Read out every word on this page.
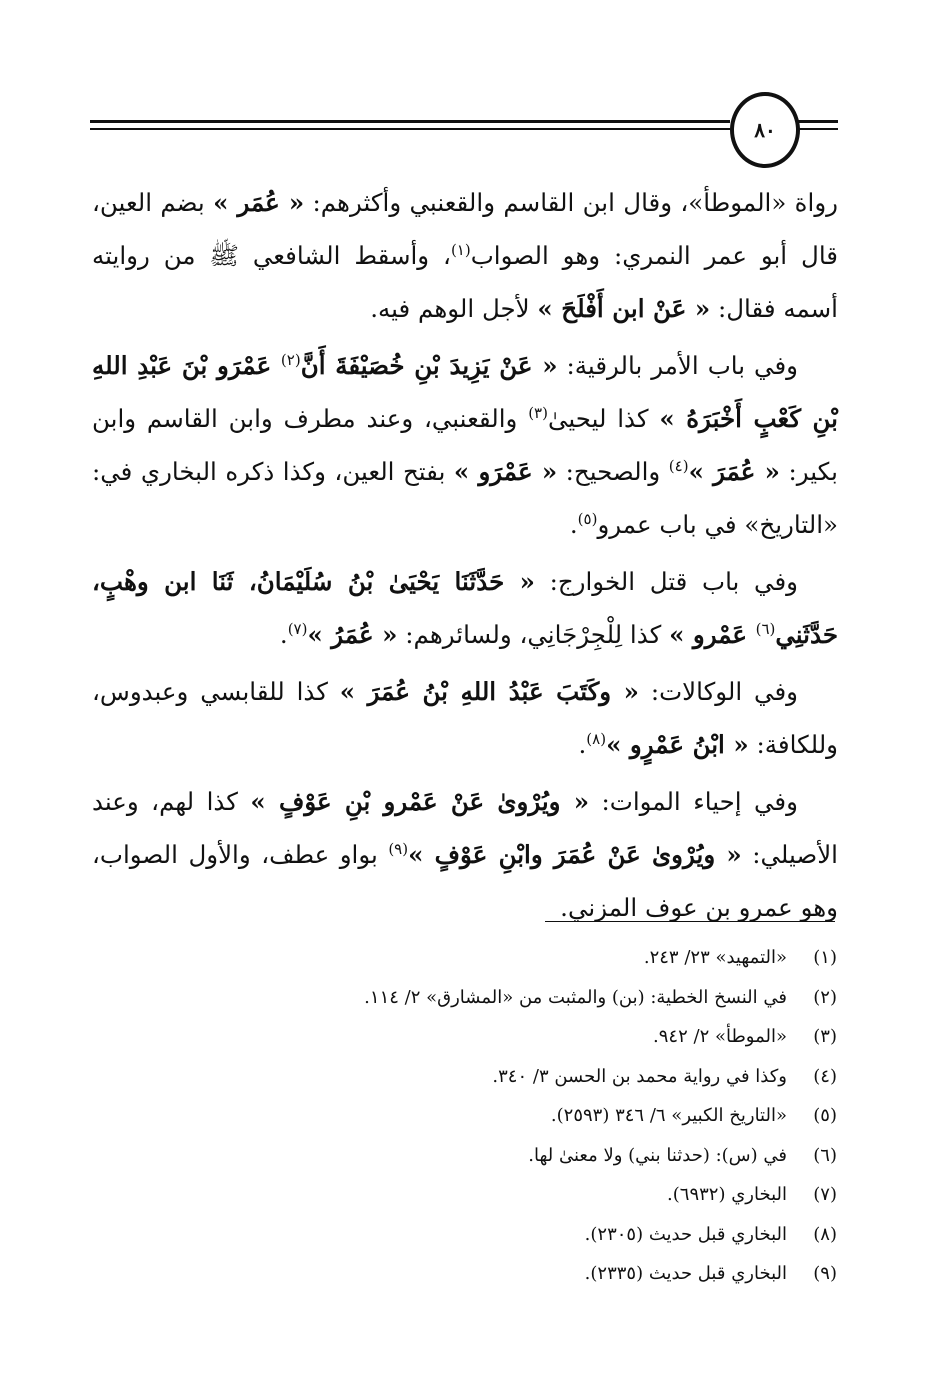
٨٠

رواة «الموطأ»، وقال ابن القاسم والقعنبي وأكثرهم: « عُمَر » بضم العين، قال أبو عمر النمري: وهو الصواب$^{(١)}$، وأسقط الشافعي ﷺ من روايته أسمه فقال: « عَنْ ابن أَفْلَحَ » لأجل الوهم فيه.

وفي باب الأمر بالرقية: « عَنْ يَزِيدَ بْنِ خُصَيْفَةَ أَنَّ$^{(٢)}$ عَمْرَو بْنَ عَبْدِ اللهِ بْنِ كَعْبٍ أَخْبَرَهُ » كذا ليحيىٰ$^{(٣)}$ والقعنبي، وعند مطرف وابن القاسم وابن بكير: « عُمَرَ »$^{(٤)}$ والصحيح: « عَمْرَو » بفتح العين، وكذا ذكره البخاري في: «التاريخ» في باب عمرو$^{(٥)}$.

وفي باب قتل الخوارج: « حَدَّثَنَا يَحْيَىٰ بْنُ سُلَيْمَانُ، ثَنَا ابن وهْبٍ، حَدَّثَنِي$^{(٦)}$ عَمْرو » كذا لِلْجِرْجَانِي، ولسائرهم: « عُمَرُ »$^{(٧)}$.

وفي الوكالات: « وكَتَبَ عَبْدُ اللهِ بْنُ عُمَرَ » كذا للقابسي وعبدوس، وللكافة: « ابْنُ عَمْرٍو »$^{(٨)}$.

وفي إحياء الموات: « ويُرْوىٰ عَنْ عَمْرو بْنِ عَوْفٍ » كذا لهم، وعند الأصيلي: « ويُرْوىٰ عَنْ عُمَرَ وابْنِ عَوْفٍ »$^{(٩)}$ بواو عطف، والأول الصواب، وهو عمرو بن عوف المزني.

(١)
«التمهيد» ٢٣/ ٢٤٣.
(٢)
في النسخ الخطية: (بن) والمثبت من «المشارق» ٢/ ١١٤.
(٣)
«الموطأ» ٢/ ٩٤٢.
(٤)
وكذا في رواية محمد بن الحسن ٣/ ٣٤٠.
(٥)
«التاريخ الكبير» ٦/ ٣٤٦ (٢٥٩٣).
(٦)
في (س): (حدثنا بني) ولا معنىٰ لها.
(٧)
البخاري (٦٩٣٢).
(٨)
البخاري قبل حديث (٢٣٠٥).
(٩)
البخاري قبل حديث (٢٣٣٥).
